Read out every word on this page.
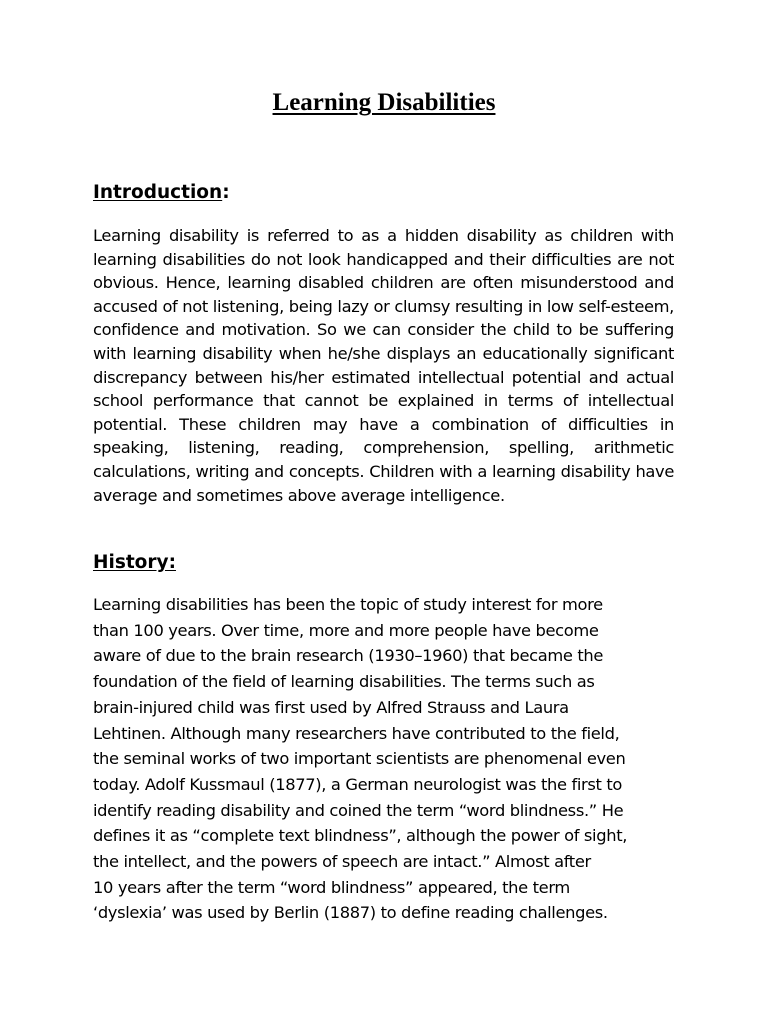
Learning Disabilities
Introduction:

Learning disability is referred to as a hidden disability as children with learning disabilities do not look handicapped and their difficulties are not obvious. Hence, learning disabled children are often misunderstood and accused of not listening, being lazy or clumsy resulting in low self-esteem, confidence and motivation. So we can consider the child to be suffering with learning disability when he/she displays an educationally significant discrepancy between his/her estimated intellectual potential and actual school performance that cannot be explained in terms of intellectual potential. These children may have a combination of difficulties in speaking, listening, reading, comprehension, spelling, arithmetic calculations, writing and concepts. Children with a learning disability have average and sometimes above average intelligence.

History:
Learning disabilities has been the topic of study interest for more
than 100 years. Over time, more and more people have become
aware of due to the brain research (1930–1960) that became the
foundation of the field of learning disabilities. The terms such as
brain-injured child was first used by Alfred Strauss and Laura
Lehtinen. Although many researchers have contributed to the field,
the seminal works of two important scientists are phenomenal even
today. Adolf Kussmaul (1877), a German neurologist was the first to
identify reading disability and coined the term “word blindness.” He
defines it as “complete text blindness”, although the power of sight,
the intellect, and the powers of speech are intact.” Almost after
10 years after the term “word blindness” appeared, the term
‘dyslexia’ was used by Berlin (1887) to define reading challenges.
